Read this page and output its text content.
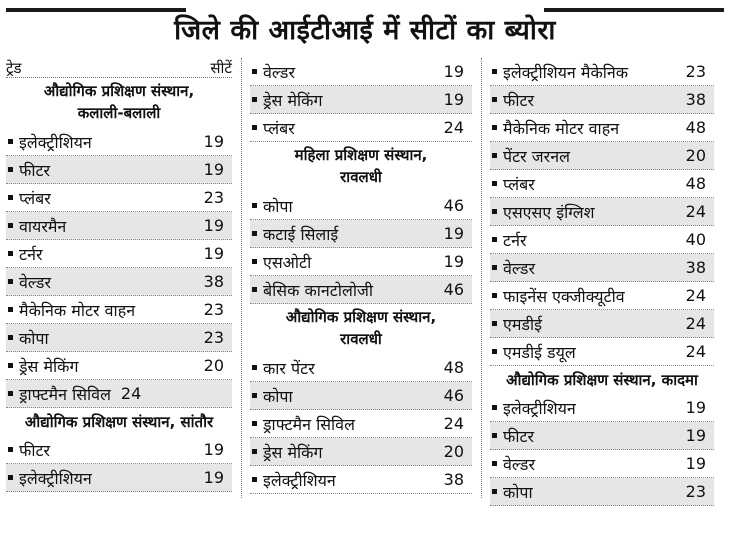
जिले की आईटीआई में सीटों का ब्योरा
ट्रेड	सीटें
औद्योगिक प्रशिक्षण संस्थान,
कलाली-बलाली
इलेक्ट्रीशियन	19
फीटर	19
प्लंबर	23
वायरमैन	19
टर्नर	19
वेल्डर	38
मैकेनिक मोटर वाहन	23
कोपा	23
ड्रेस मेकिंग	20
ड्राफ्टमैन सिविल 24
औद्योगिक प्रशिक्षण संस्थान, सांतौर
फीटर	19
इलेक्ट्रीशियन	19
वेल्डर	19
ड्रेस मेकिंग	19
प्लंबर	24
महिला प्रशिक्षण संस्थान,
रावलधी
कोपा	46
कटाई सिलाई	19
एसओटी	19
बेसिक कानटोलोजी	46
औद्योगिक प्रशिक्षण संस्थान,
रावलधी
कार पेंटर	48
कोपा	46
ड्राफ्टमैन सिविल	24
ड्रेस मेकिंग	20
इलेक्ट्रीशियन	38
इलेक्ट्रीशियन मैकेनिक	23
फीटर	38
मैकेनिक मोटर वाहन	48
पेंटर जरनल	20
प्लंबर	48
एसएसए इंग्लिश	24
टर्नर	40
वेल्डर	38
फाइनेंस एक्जीक्यूटीव	24
एमडीई	24
एमडीई डयूल	24
औद्योगिक प्रशिक्षण संस्थान, कादमा
इलेक्ट्रीशियन	19
फीटर	19
वेल्डर	19
कोपा	23
